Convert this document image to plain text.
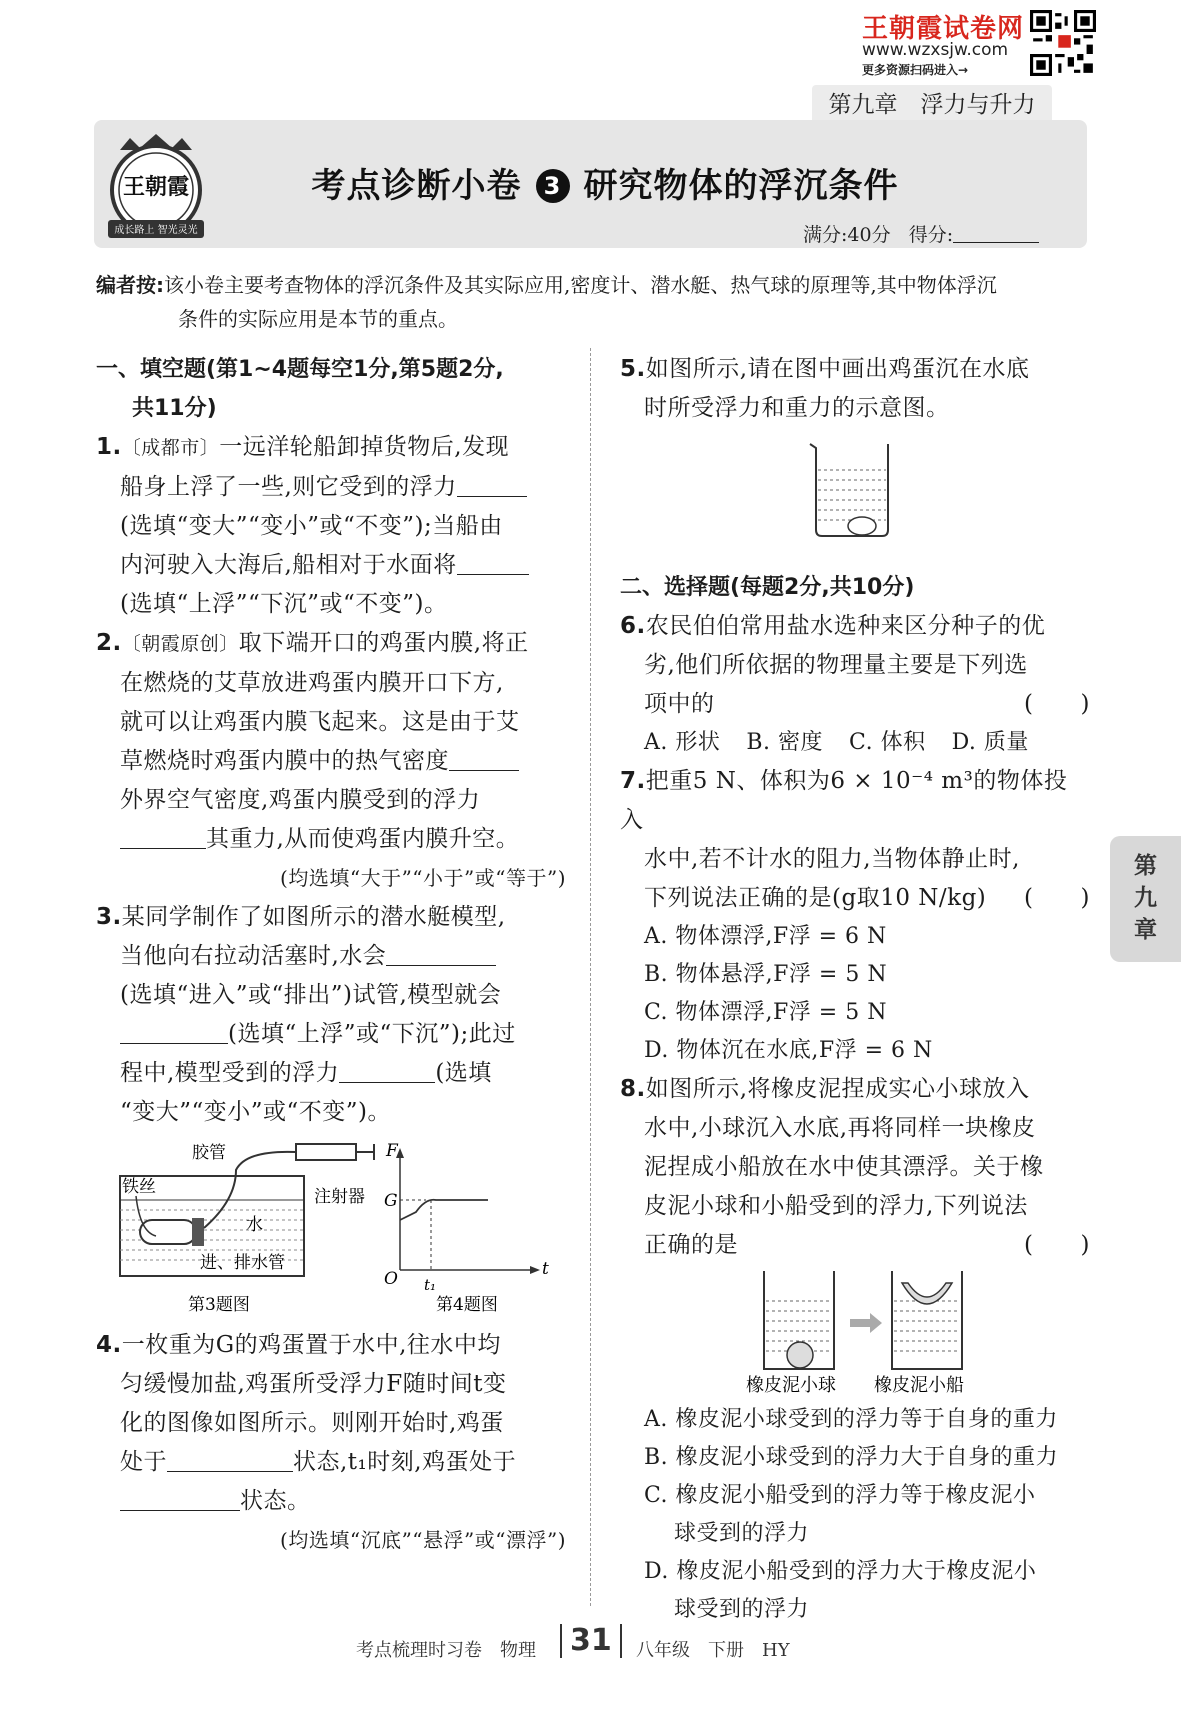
王朝霞试卷网
www.wzxsjw.com
更多资源扫码进入→
第九章　浮力与升力
王朝霞
成长路上 智光灵光
考点诊断小卷 3 研究物体的浮沉条件
满分:40分 得分:
编者按:该小卷主要考查物体的浮沉条件及其实际应用,密度计、潜水艇、热气球的原理等,其中物体浮沉
条件的实际应用是本节的重点。
一、填空题(第1~4题每空1分,第5题2分,
共11分)
1.〔成都市〕一远洋轮船卸掉货物后,发现
船身上浮了一些,则它受到的浮力
(选填“变大”“变小”或“不变”);当船由
内河驶入大海后,船相对于水面将
(选填“上浮”“下沉”或“不变”)。
2.〔朝霞原创〕取下端开口的鸡蛋内膜,将正
在燃烧的艾草放进鸡蛋内膜开口下方,
就可以让鸡蛋内膜飞起来。这是由于艾
草燃烧时鸡蛋内膜中的热气密度
外界空气密度,鸡蛋内膜受到的浮力
其重力,从而使鸡蛋内膜升空。
(均选填“大于”“小于”或“等于”)
3.某同学制作了如图所示的潜水艇模型,
当他向右拉动活塞时,水会
(选填“进入”或“排出”)试管,模型就会
(选填“上浮”或“下沉”);此过
程中,模型受到的浮力	(选填
“变大”“变小”或“不变”)。
胶管
铁丝	注射器
水
进、排水管
第3题图
F
G
O	t
t₁
第4题图
4.一枚重为G的鸡蛋置于水中,往水中均
匀缓慢加盐,鸡蛋所受浮力F随时间t变
化的图像如图所示。则刚开始时,鸡蛋
处于	状态,t₁时刻,鸡蛋处于
状态。
(均选填“沉底”“悬浮”或“漂浮”)
5.如图所示,请在图中画出鸡蛋沉在水底
时所受浮力和重力的示意图。
二、选择题(每题2分,共10分)
6.农民伯伯常用盐水选种来区分种子的优
劣,他们所依据的物理量主要是下列选
项中的	(　　)
A. 形状 B. 密度 C. 体积 D. 质量
7.把重5 N、体积为6 × 10⁻⁴ m³的物体投入
水中,若不计水的阻力,当物体静止时,
下列说法正确的是(g取10 N/kg) (　　)
A. 物体漂浮,F浮 = 6 N
B. 物体悬浮,F浮 = 5 N
C. 物体漂浮,F浮 = 5 N
D. 物体沉在水底,F浮 = 6 N
8.如图所示,将橡皮泥捏成实心小球放入
水中,小球沉入水底,再将同样一块橡皮
泥捏成小船放在水中使其漂浮。关于橡
皮泥小球和小船受到的浮力,下列说法
正确的是	(　　)
橡皮泥小球 橡皮泥小船
A. 橡皮泥小球受到的浮力等于自身的重力
B. 橡皮泥小球受到的浮力大于自身的重力
C. 橡皮泥小船受到的浮力等于橡皮泥小
球受到的浮力
D. 橡皮泥小船受到的浮力大于橡皮泥小
球受到的浮力
第
九
章
考点梳理时习卷　物理	31	八年级　下册　HY
